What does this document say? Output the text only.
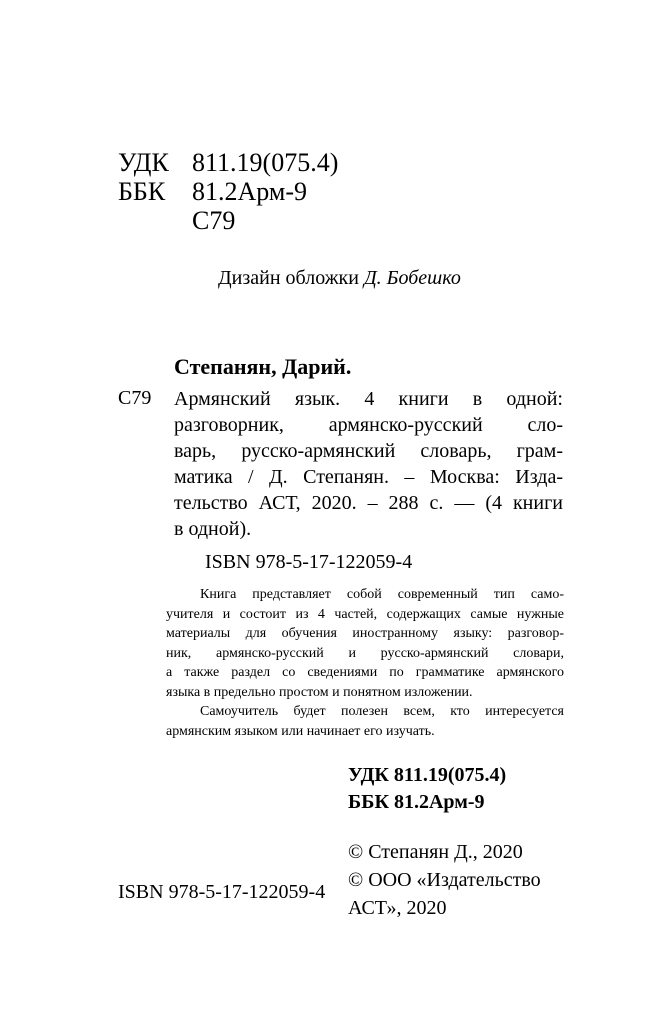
УДК 811.19(075.4)
ББК 81.2Арм-9
С79
Дизайн обложки Д. Бобешко
Степанян, Дарий.
С79 Армянский язык. 4 книги в одной:
разговорник, армянско-русский сло-
варь, русско-армянский словарь, грам-
матика / Д. Степанян. – Москва: Изда-
тельство АСТ, 2020. – 288 с. — (4 книги
в одной).
ISBN 978-5-17-122059-4
Книга представляет собой современный тип само-
учителя и состоит из 4 частей, содержащих самые нужные
материалы для обучения иностранному языку: разговор-
ник, армянско-русский и русско-армянский словари,
а также раздел со сведениями по грамматике армянского
языка в предельно простом и понятном изложении.
Самоучитель будет полезен всем, кто интересуется
армянским языком или начинает его изучать.
УДК 811.19(075.4)
ББК 81.2Арм-9
© Степанян Д., 2020
© ООО «Издательство
АСТ», 2020
ISBN 978-5-17-122059-4
